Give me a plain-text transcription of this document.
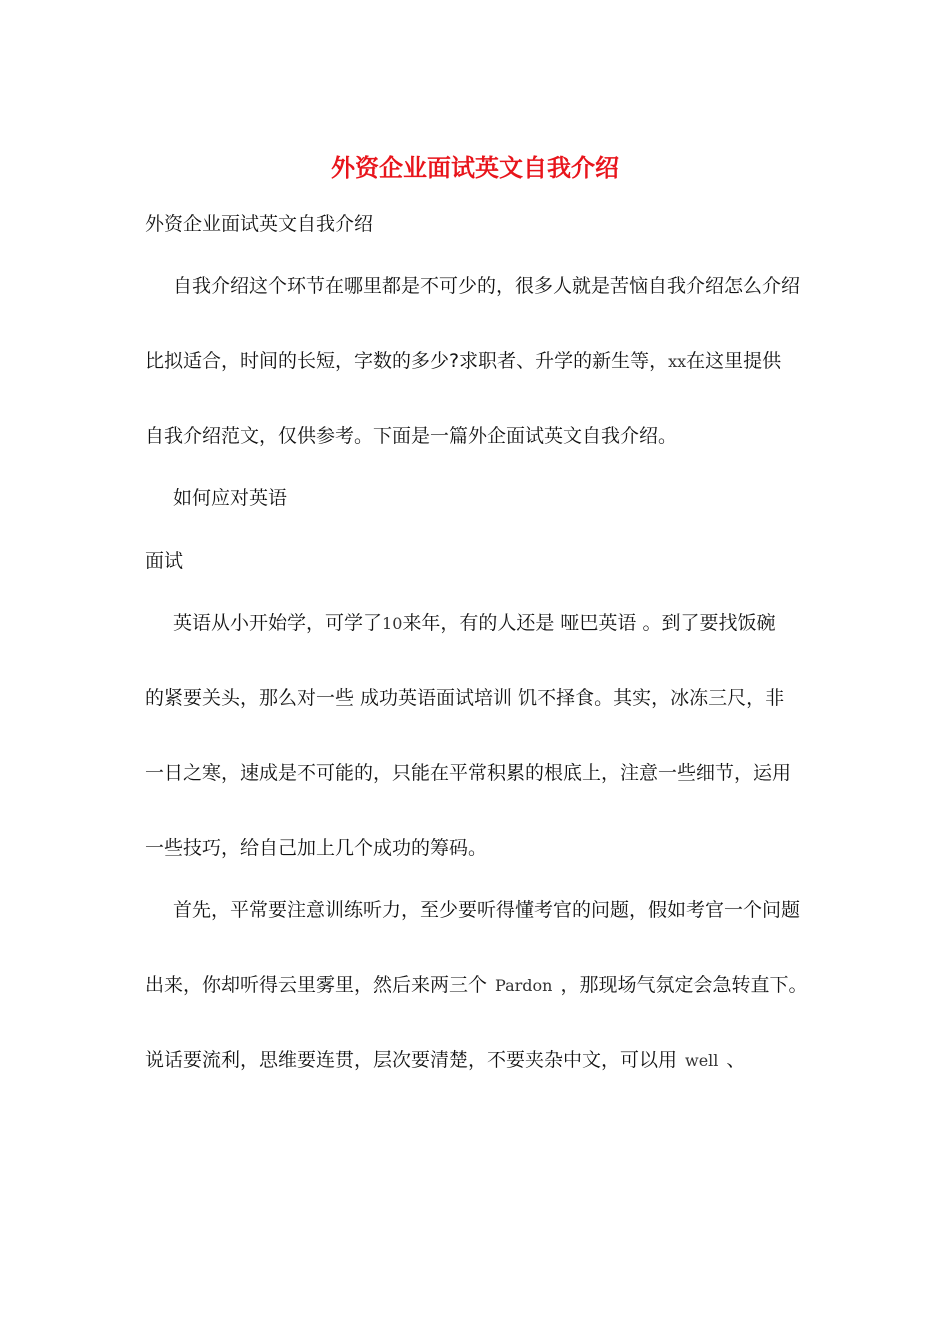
外资企业面试英文自我介绍

外资企业面试英文自我介绍

自我介绍这个环节在哪里都是不可少的，很多人就是苦恼自我介绍怎么介绍

比拟适合，时间的长短，字数的多少?求职者、升学的新生等，xx在这里提供

自我介绍范文，仅供参考。下面是一篇外企面试英文自我介绍。

如何应对英语

面试

英语从小开始学，可学了10来年，有的人还是 哑巴英语 。到了要找饭碗

的紧要关头，那么对一些 成功英语面试培训 饥不择食。其实，冰冻三尺，非

一日之寒，速成是不可能的，只能在平常积累的根底上，注意一些细节，运用

一些技巧，给自己加上几个成功的筹码。

首先，平常要注意训练听力，至少要听得懂考官的问题，假如考官一个问题

出来，你却听得云里雾里，然后来两三个 Pardon ，那现场气氛定会急转直下。

说话要流利，思维要连贯，层次要清楚，不要夹杂中文，可以用 well 、
